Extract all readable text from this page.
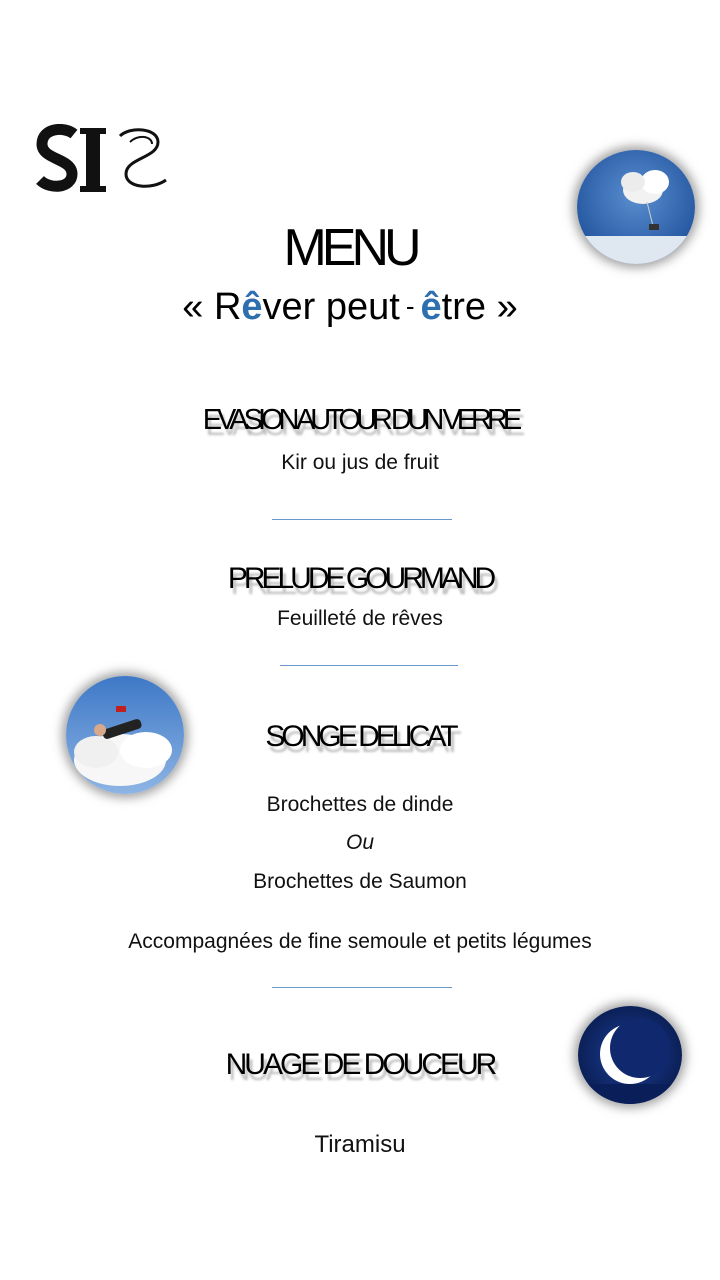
MENU
« Rêver peut - être »
EVASION AUTOUR D'UN VERRE
Kir ou jus de fruit
PRELUDE GOURMAND
Feuilleté de rêves
SONGE DELICAT
Brochettes de dinde
Ou
Brochettes de Saumon
Accompagnées de fine semoule et petits légumes
NUAGE DE DOUCEUR
Tiramisu
